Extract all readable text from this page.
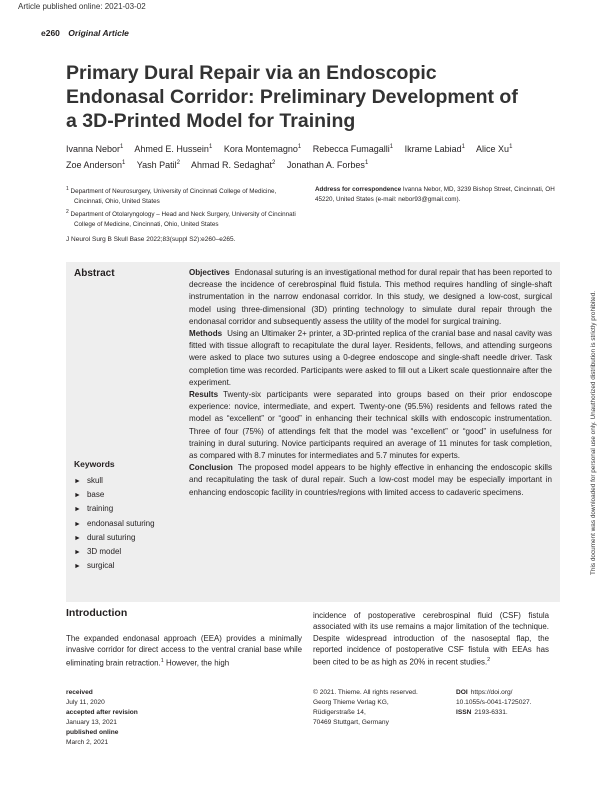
Article published online: 2021-03-02
e260 Original Article
Primary Dural Repair via an Endoscopic Endonasal Corridor: Preliminary Development of a 3D-Printed Model for Training
Ivanna Nebor$^1$ Ahmed E. Hussein$^1$ Kora Montemagno$^1$ Rebecca Fumagalli$^1$ Ikrame Labiad$^1$ Alice Xu$^1$ Zoe Anderson$^1$ Yash Patil$^2$ Ahmad R. Sedaghat$^2$ Jonathan A. Forbes$^1$

$^1$ Department of Neurosurgery, University of Cincinnati College of Medicine, Cincinnati, Ohio, United States

$^2$ Department of Otolaryngology – Head and Neck Surgery, University of Cincinnati College of Medicine, Cincinnati, Ohio, United States

Address for correspondence Ivanna Nebor, MD, 3239 Bishop Street, Cincinnati, OH 45220, United States (e-mail: nebor93@gmail.com).
J Neurol Surg B Skull Base 2022;83(suppl S2):e260–e265.
This document was downloaded for personal use only. Unauthorized distribution is strictly prohibited.
Abstract	Objectives Endonasal suturing is an investigational method for dural repair that has been reported to decrease the incidence of cerebrospinal fluid fistula. This method requires handling of single-shaft instrumentation in the narrow endonasal corridor. In this study, we designed a low-cost, surgical model using three-dimensional (3D) printing technology to simulate dural repair through the endonasal corridor and subsequently assess the utility of the model for surgical training.

Methods Using an Ultimaker 2+ printer, a 3D-printed replica of the cranial base and nasal cavity was fitted with tissue allograft to recapitulate the dural layer. Residents, fellows, and attending surgeons were asked to place two sutures using a 0-degree endoscope and single-shaft needle driver. Task completion time was recorded. Participants were asked to fill out a Likert scale questionnaire after the experiment.

Results Twenty-six participants were separated into groups based on their prior endoscope experience: novice, intermediate, and expert. Twenty-one (95.5%) residents and fellows rated the model as “excellent” or “good” in enhancing their technical skills with endoscopic instrumentation. Three of four (75%) of attendings felt that the model was “excellent” or “good” in usefulness for training in dural suturing. Novice participants required an average of 11 minutes for task completion, as compared with 8.7 minutes for intermediates and 5.7 minutes for experts.

Conclusion The proposed model appears to be highly effective in enhancing the endoscopic skills and recapitulating the task of dural repair. Such a low-cost model may be especially important in enhancing endoscopic facility in countries/regions with limited access to cadaveric specimens.

Keywords
► skull
► base
► training
► endonasal suturing
► dural suturing
► 3D model
► surgical
Introduction

The expanded endonasal approach (EEA) provides a minimally invasive corridor for direct access to the ventral cranial base while eliminating brain retraction.$^1$ However, the high

incidence of postoperative cerebrospinal fluid (CSF) fistula associated with its use remains a major limitation of the technique. Despite widespread introduction of the nasoseptal flap, the reported incidence of postoperative CSF fistula with EEAs has been cited to be as high as 20% in recent studies.$^2$

received
July 11, 2020
accepted after revision
January 13, 2021
published online
March 2, 2021
© 2021. Thieme. All rights reserved.
Georg Thieme Verlag KG,
Rüdigerstraße 14,
70469 Stuttgart, Germany
DOI https://doi.org/
10.1055/s-0041-1725027.
ISSN 2193-6331.
